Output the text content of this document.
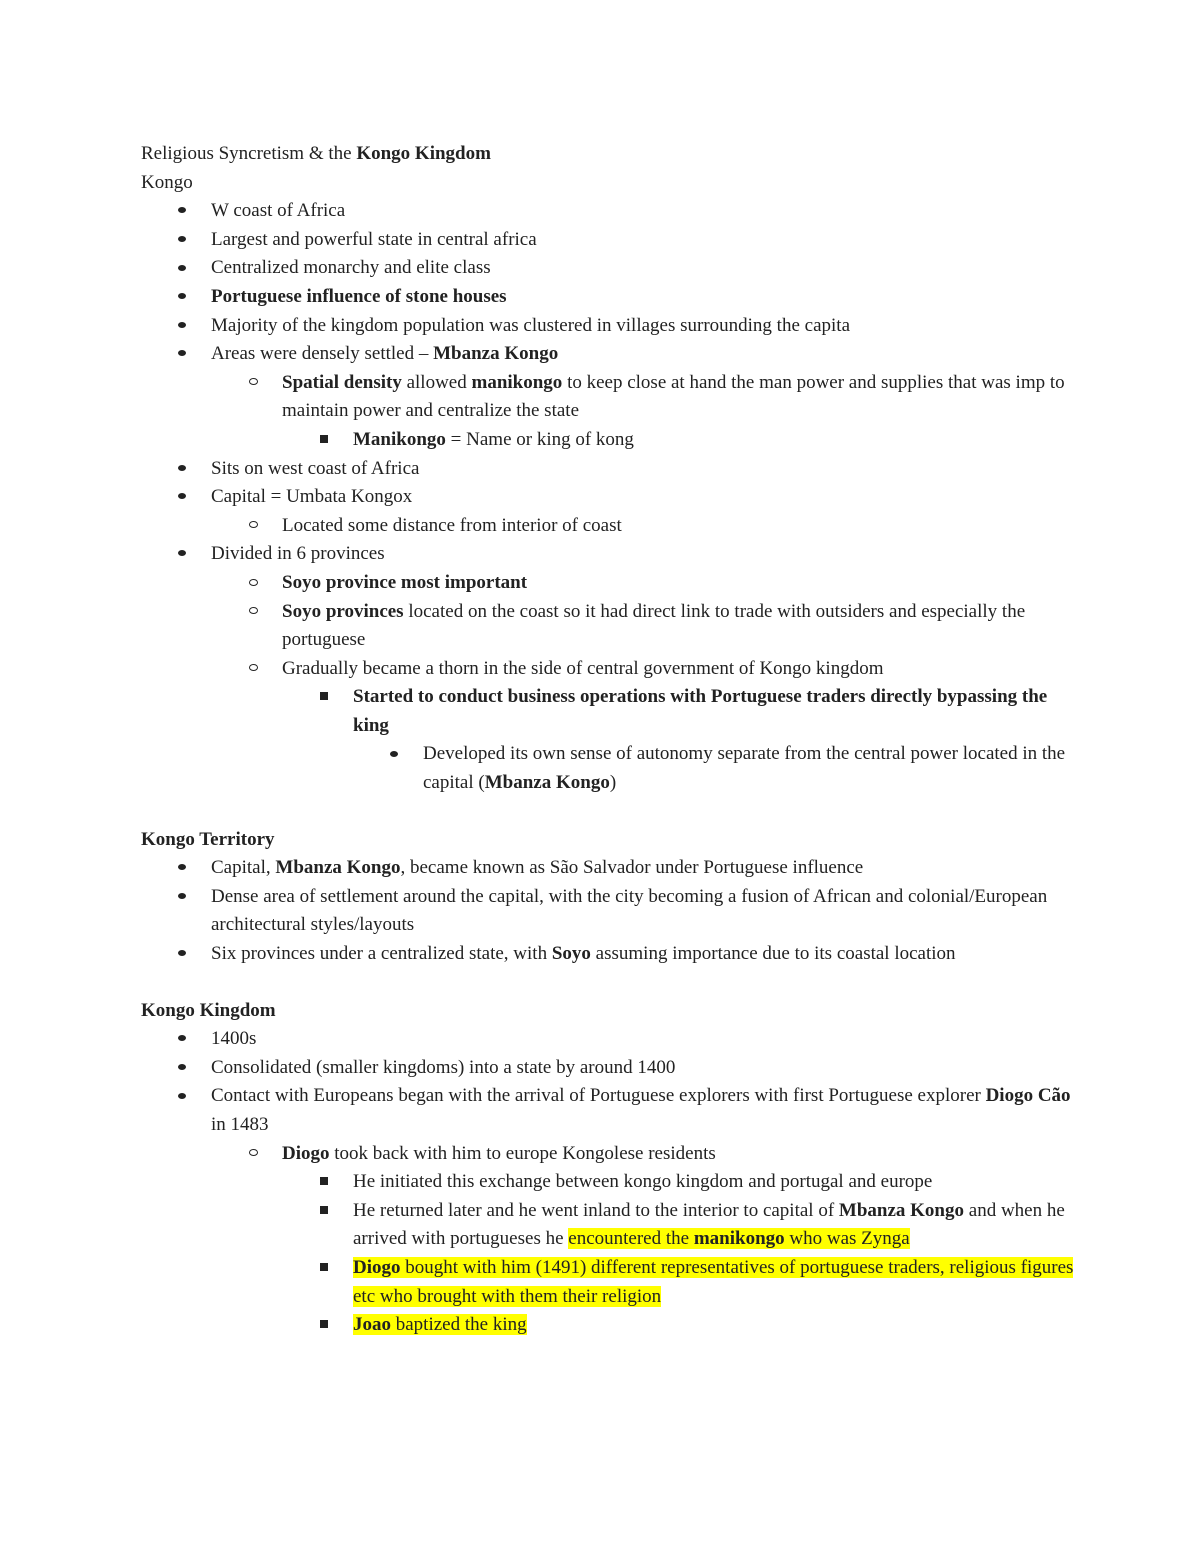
Religious Syncretism & the Kongo Kingdom

Kongo

W coast of Africa
Largest and powerful state in central africa
Centralized monarchy and elite class
Portuguese influence of stone houses
Majority of the kingdom population was clustered in villages surrounding the capita
Areas were densely settled – Mbanza Kongo
Spatial density allowed manikongo to keep close at hand the man power and supplies that was imp to maintain power and centralize the state
Manikongo = Name or king of kong
Sits on west coast of Africa
Capital = Umbata Kongox
Located some distance from interior of coast
Divided in 6 provinces
Soyo province most important
Soyo provinces located on the coast so it had direct link to trade with outsiders and especially the portuguese
Gradually became a thorn in the side of central government of Kongo kingdom
Started to conduct business operations with Portuguese traders directly bypassing the king
Developed its own sense of autonomy separate from the central power located in the capital (Mbanza Kongo)

Kongo Territory

Capital, Mbanza Kongo, became known as São Salvador under Portuguese influence
Dense area of settlement around the capital, with the city becoming a fusion of African and colonial/European architectural styles/layouts
Six provinces under a centralized state, with Soyo assuming importance due to its coastal location

Kongo Kingdom

1400s
Consolidated (smaller kingdoms) into a state by around 1400
Contact with Europeans began with the arrival of Portuguese explorers with first Portuguese explorer Diogo Cão in 1483
Diogo took back with him to europe Kongolese residents
He initiated this exchange between kongo kingdom and portugal and europe
He returned later and he went inland to the interior to capital of Mbanza Kongo and when he arrived with portugueses he encountered the manikongo who was Zynga
Diogo bought with him (1491) different representatives of portuguese traders, religious figures etc who brought with them their religion
Joao baptized the king
